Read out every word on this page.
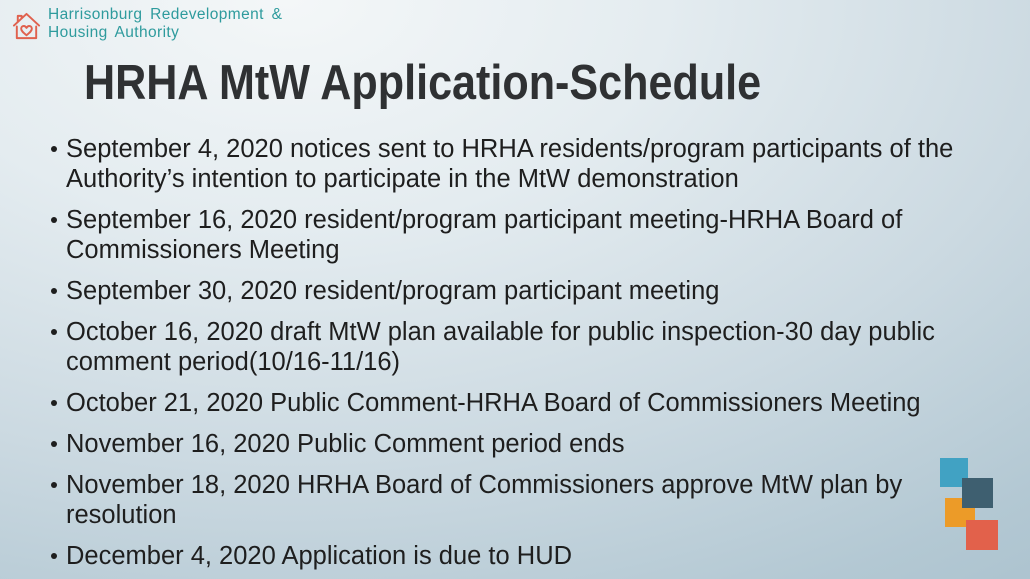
Harrisonburg Redevelopment &
Housing Authority
HRHA MtW Application-Schedule
September 4, 2020 notices sent to HRHA residents/program participants of the Authority’s intention to participate in the MtW demonstration
September 16, 2020 resident/program participant meeting-HRHA Board of Commissioners Meeting
September 30, 2020 resident/program participant meeting
October 16, 2020 draft MtW plan available for public inspection-30 day public comment period(10/16-11/16)
October 21, 2020 Public Comment-HRHA Board of Commissioners Meeting
November 16, 2020 Public Comment period ends
November 18, 2020 HRHA Board of Commissioners approve MtW plan by resolution
December 4, 2020 Application is due to HUD
